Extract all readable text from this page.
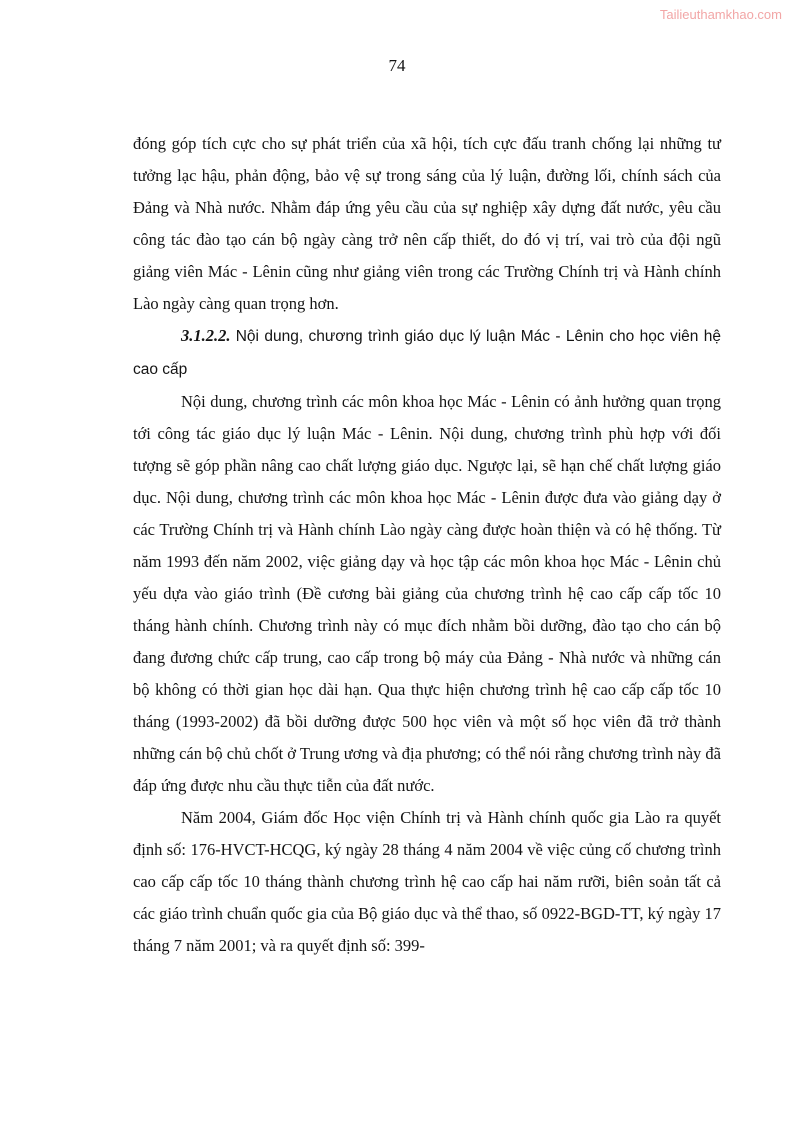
Tailieuthamkhao.com
74

đóng góp tích cực cho sự phát triển của xã hội, tích cực đấu tranh chống lại những tư tưởng lạc hậu, phản động, bảo vệ sự trong sáng của lý luận, đường lối, chính sách của Đảng và Nhà nước. Nhằm đáp ứng yêu cầu của sự nghiệp xây dựng đất nước, yêu cầu công tác đào tạo cán bộ ngày càng trở nên cấp thiết, do đó vị trí, vai trò của đội ngũ giảng viên Mác - Lênin cũng như giảng viên trong các Trường Chính trị và Hành chính Lào ngày càng quan trọng hơn.

3.1.2.2. Nội dung, chương trình giáo dục lý luận Mác - Lênin cho học viên hệ cao cấp

Nội dung, chương trình các môn khoa học Mác - Lênin có ảnh hưởng quan trọng tới công tác giáo dục lý luận Mác - Lênin. Nội dung, chương trình phù hợp với đối tượng sẽ góp phần nâng cao chất lượng giáo dục. Ngược lại, sẽ hạn chế chất lượng giáo dục. Nội dung, chương trình các môn khoa học Mác - Lênin được đưa vào giảng dạy ở các Trường Chính trị và Hành chính Lào ngày càng được hoàn thiện và có hệ thống. Từ năm 1993 đến năm 2002, việc giảng dạy và học tập các môn khoa học Mác - Lênin chủ yếu dựa vào giáo trình (Đề cương bài giảng của chương trình hệ cao cấp cấp tốc 10 tháng hành chính. Chương trình này có mục đích nhằm bồi dưỡng, đào tạo cho cán bộ đang đương chức cấp trung, cao cấp trong bộ máy của Đảng - Nhà nước và những cán bộ không có thời gian học dài hạn. Qua thực hiện chương trình hệ cao cấp cấp tốc 10 tháng (1993-2002) đã bồi dưỡng được 500 học viên và một số học viên đã trở thành những cán bộ chủ chốt ở Trung ương và địa phương; có thể nói rằng chương trình này đã đáp ứng được nhu cầu thực tiễn của đất nước.

Năm 2004, Giám đốc Học viện Chính trị và Hành chính quốc gia Lào ra quyết định số: 176-HVCT-HCQG, ký ngày 28 tháng 4 năm 2004 về việc củng cố chương trình cao cấp cấp tốc 10 tháng thành chương trình hệ cao cấp hai năm rưỡi, biên soản tất cả các giáo trình chuẩn quốc gia của Bộ giáo dục và thể thao, số 0922-BGD-TT, ký ngày 17 tháng 7 năm 2001; và ra quyết định số: 399-
